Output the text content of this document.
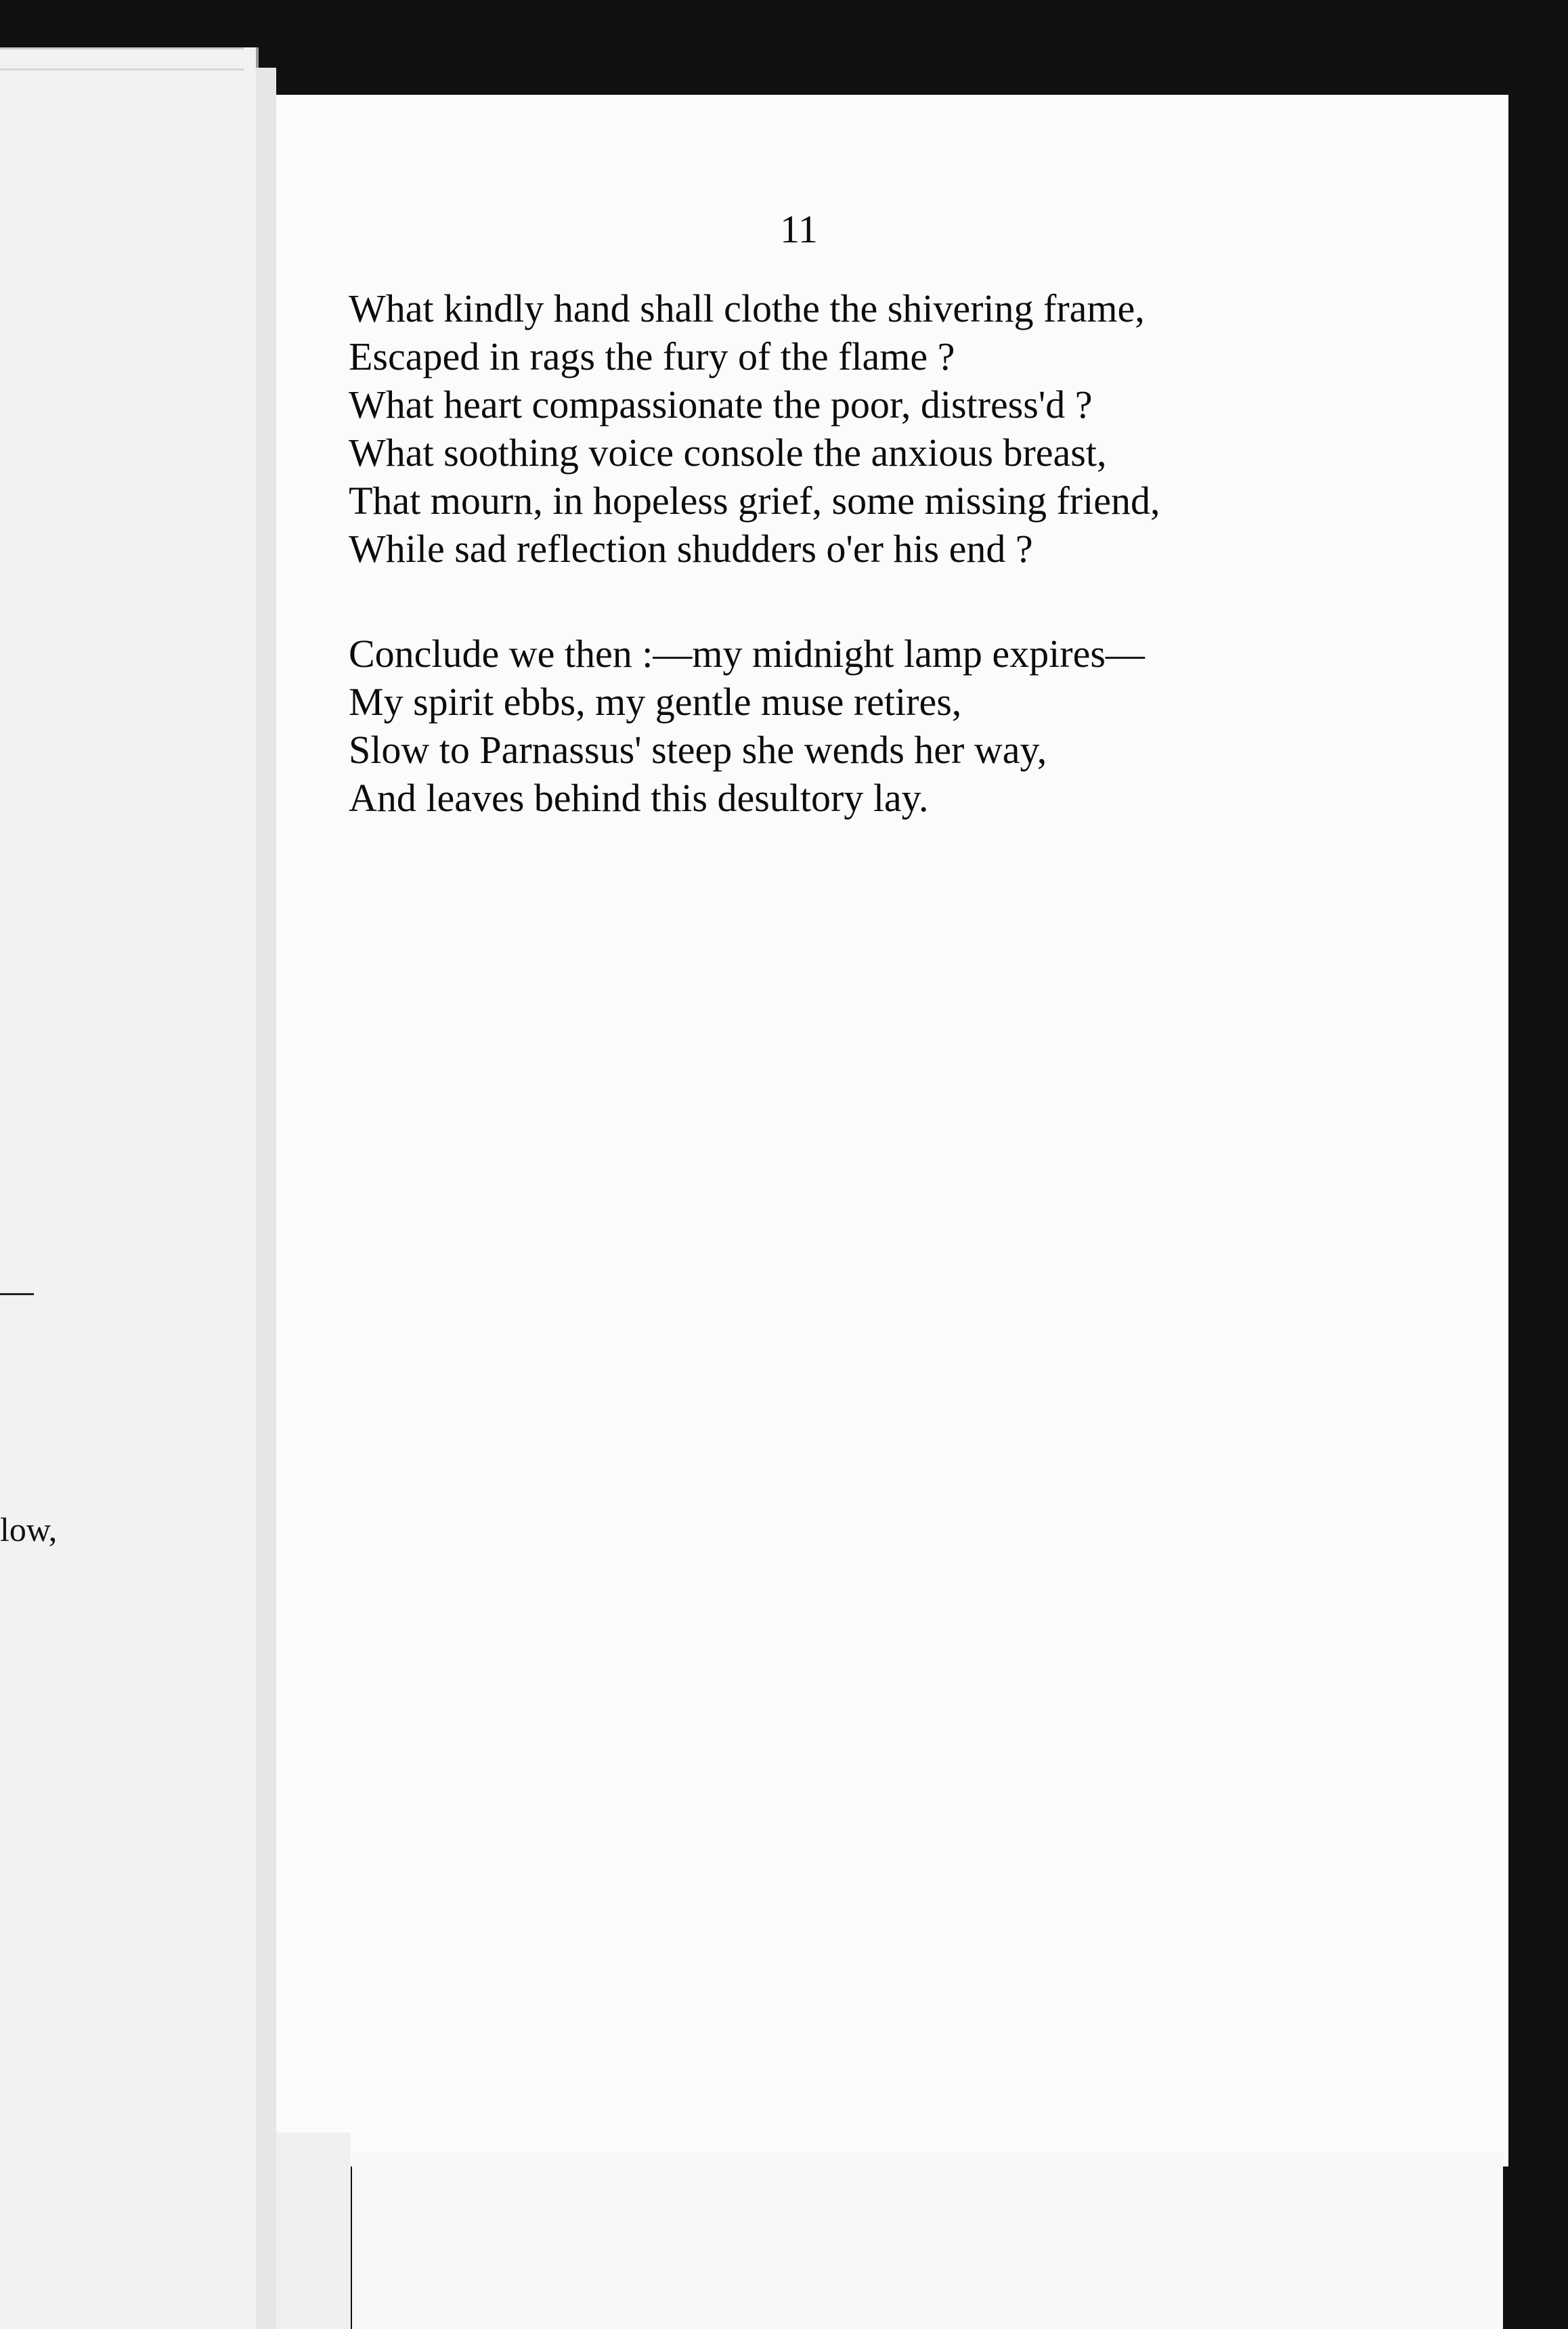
low,
11
What kindly hand shall clothe the shivering frame,
Escaped in rags the fury of the flame ?
What heart compassionate the poor, distress'd ?
What soothing voice console the anxious breast,
That mourn, in hopeless grief, some missing friend,
While sad reflection shudders o'er his end ?
Conclude we then :—my midnight lamp expires—
My spirit ebbs, my gentle muse retires,
Slow to Parnassus' steep she wends her way,
And leaves behind this desultory lay.
